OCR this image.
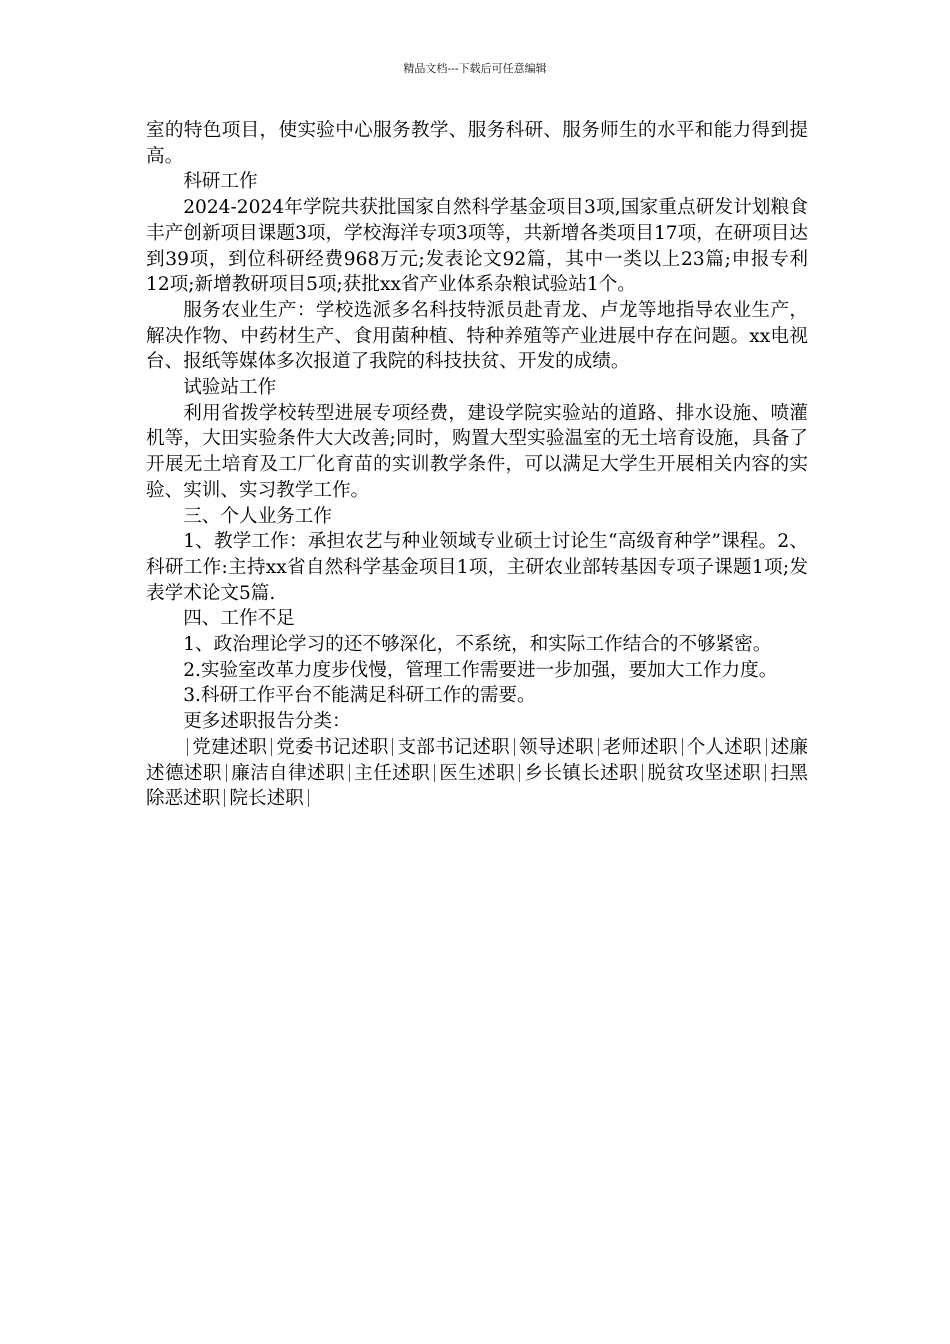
精品文档---下载后可任意编辑

室的特色项目，使实验中心服务教学、服务科研、服务师生的水平和能力得到提高。

科研工作

2024-2024年学院共获批国家自然科学基金项目3项,国家重点研发计划粮食丰产创新项目课题3项，学校海洋专项3项等，共新增各类项目17项，在研项目达到39项，到位科研经费968万元;发表论文92篇，其中一类以上23篇;申报专利12项;新增教研项目5项;获批xx省产业体系杂粮试验站1个。

服务农业生产：学校选派多名科技特派员赴青龙、卢龙等地指导农业生产，解决作物、中药材生产、食用菌种植、特种养殖等产业进展中存在问题。xx电视台、报纸等媒体多次报道了我院的科技扶贫、开发的成绩。

试验站工作

利用省拨学校转型进展专项经费，建设学院实验站的道路、排水设施、喷灌机等，大田实验条件大大改善;同时，购置大型实验温室的无土培育设施，具备了开展无土培育及工厂化育苗的实训教学条件，可以满足大学生开展相关内容的实验、实训、实习教学工作。

三、个人业务工作

1、教学工作：承担农艺与种业领域专业硕士讨论生“高级育种学”课程。2、科研工作:主持xx省自然科学基金项目1项，主研农业部转基因专项子课题1项;发表学术论文5篇.

四、工作不足

1、政治理论学习的还不够深化，不系统，和实际工作结合的不够紧密。

2.实验室改革力度步伐慢，管理工作需要进一步加强，要加大工作力度。

3.科研工作平台不能满足科研工作的需要。

更多述职报告分类：

党建述职 党委书记述职 支部书记述职 领导述职 老师述职 个人述职 述廉述德述职 廉洁自律述职 主任述职 医生述职 乡长镇长述职 脱贫攻坚述职 扫黑除恶述职 院长述职
